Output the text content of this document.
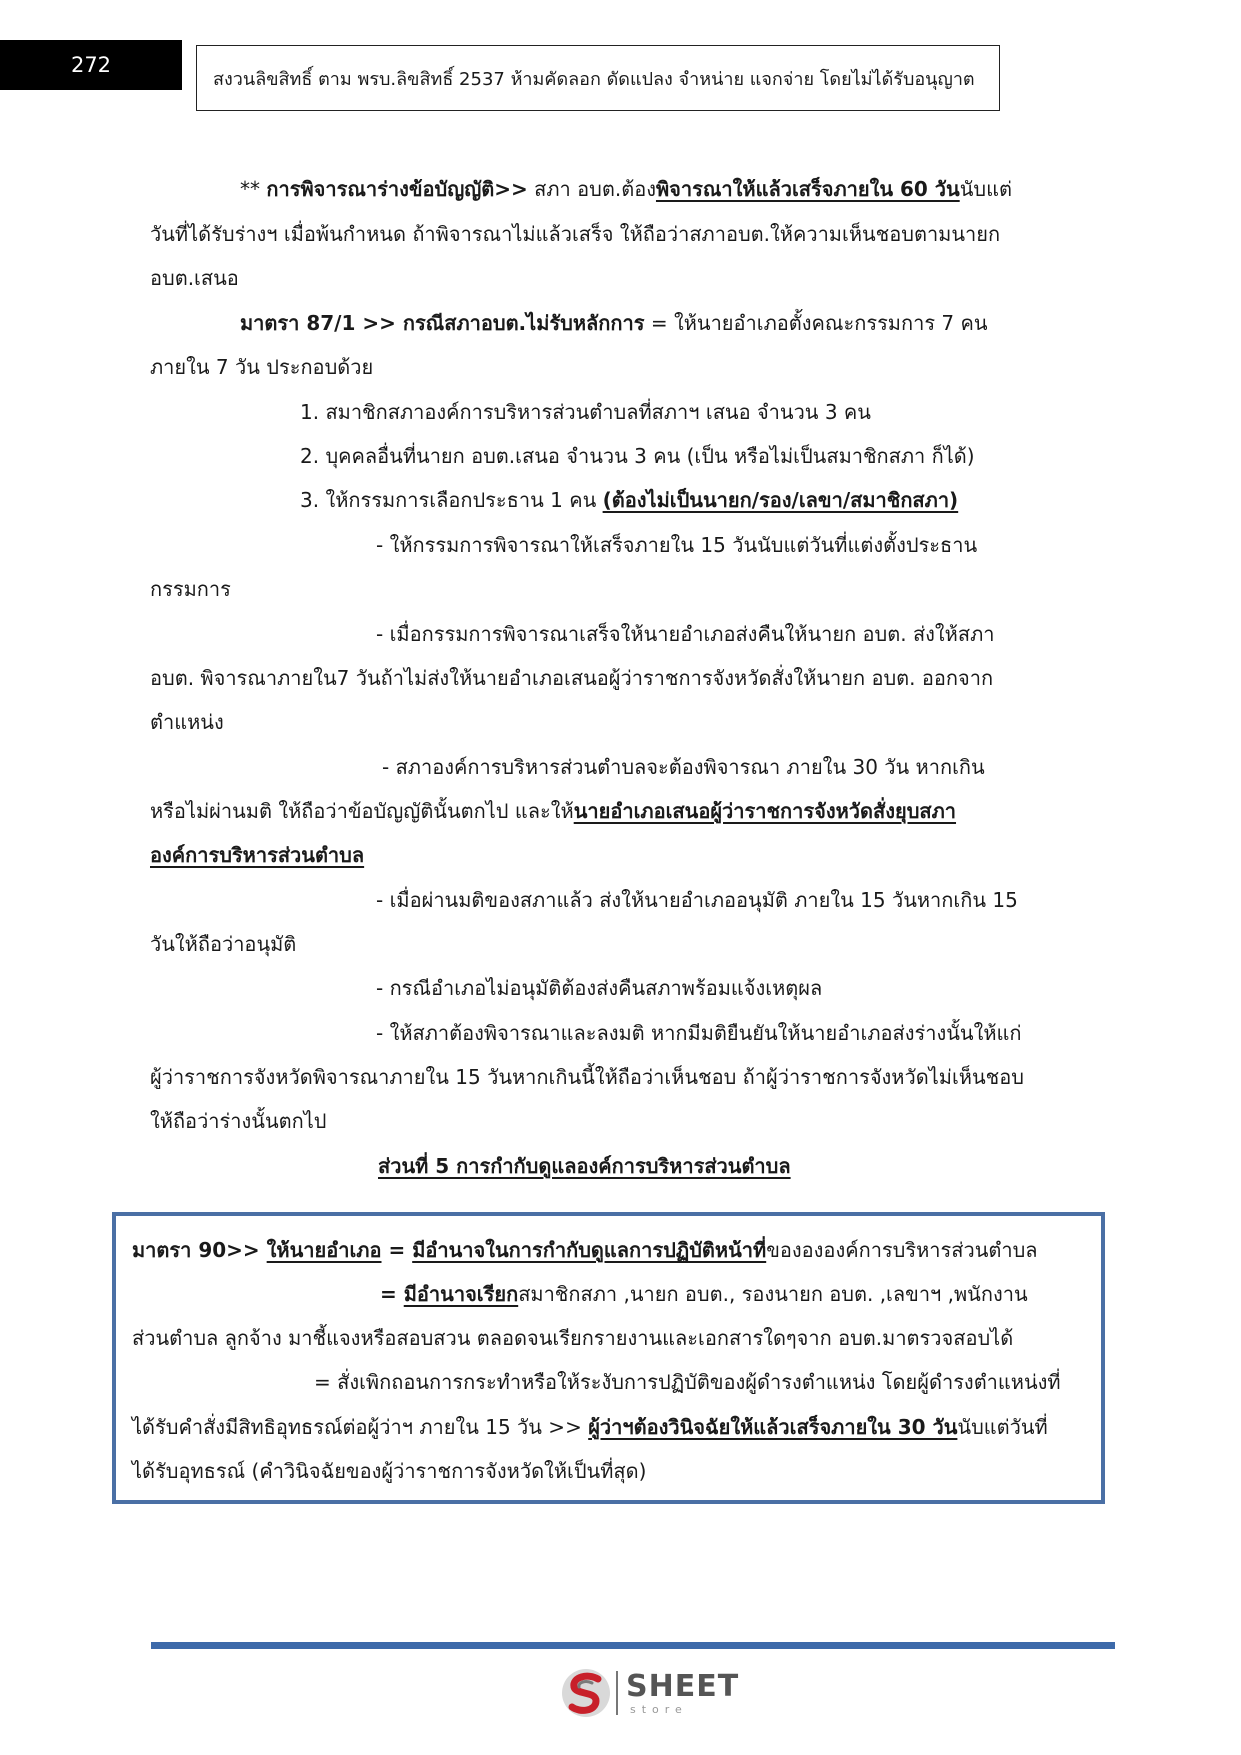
272
สงวนลิขสิทธิ์ ตาม พรบ.ลิขสิทธิ์ 2537 ห้ามคัดลอก ดัดแปลง จำหน่าย แจกจ่าย โดยไม่ได้รับอนุญาต
** การพิจารณาร่างข้อบัญญัติ>> สภา อบต.ต้องพิจารณาให้แล้วเสร็จภายใน 60 วันนับแต่
วันที่ได้รับร่างฯ เมื่อพ้นกำหนด ถ้าพิจารณาไม่แล้วเสร็จ ให้ถือว่าสภาอบต.ให้ความเห็นชอบตามนายก
อบต.เสนอ
มาตรา 87/1 >> กรณีสภาอบต.ไม่รับหลักการ = ให้นายอำเภอตั้งคณะกรรมการ 7 คน
ภายใน 7 วัน ประกอบด้วย
1. สมาชิกสภาองค์การบริหารส่วนตำบลที่สภาฯ เสนอ จำนวน 3 คน
2. บุคคลอื่นที่นายก อบต.เสนอ จำนวน 3 คน (เป็น หรือไม่เป็นสมาชิกสภา ก็ได้)
3. ให้กรรมการเลือกประธาน 1 คน (ต้องไม่เป็นนายก/รอง/เลขา/สมาชิกสภา)
- ให้กรรมการพิจารณาให้เสร็จภายใน 15 วันนับแต่วันที่แต่งตั้งประธาน
กรรมการ
- เมื่อกรรมการพิจารณาเสร็จให้นายอำเภอส่งคืนให้นายก อบต. ส่งให้สภา
อบต. พิจารณาภายใน7 วันถ้าไม่ส่งให้นายอำเภอเสนอผู้ว่าราชการจังหวัดสั่งให้นายก อบต. ออกจาก
ตำแหน่ง
- สภาองค์การบริหารส่วนตำบลจะต้องพิจารณา ภายใน 30 วัน หากเกิน
หรือไม่ผ่านมติ ให้ถือว่าข้อบัญญัตินั้นตกไป และให้นายอำเภอเสนอผู้ว่าราชการจังหวัดสั่งยุบสภา
องค์การบริหารส่วนตำบล
- เมื่อผ่านมติของสภาแล้ว ส่งให้นายอำเภออนุมัติ ภายใน 15 วันหากเกิน 15
วันให้ถือว่าอนุมัติ
- กรณีอำเภอไม่อนุมัติต้องส่งคืนสภาพร้อมแจ้งเหตุผล
- ให้สภาต้องพิจารณาและลงมติ หากมีมติยืนยันให้นายอำเภอส่งร่างนั้นให้แก่
ผู้ว่าราชการจังหวัดพิจารณาภายใน 15 วันหากเกินนี้ให้ถือว่าเห็นชอบ ถ้าผู้ว่าราชการจังหวัดไม่เห็นชอบ
ให้ถือว่าร่างนั้นตกไป
ส่วนที่ 5 การกำกับดูแลองค์การบริหารส่วนตำบล
มาตรา 90>> ให้นายอำเภอ = มีอำนาจในการกำกับดูแลการปฏิบัติหน้าที่ของององค์การบริหารส่วนตำบล
= มีอำนาจเรียกสมาชิกสภา ,นายก อบต., รองนายก อบต. ,เลขาฯ ,พนักงาน
ส่วนตำบล ลูกจ้าง มาชี้แจงหรือสอบสวน ตลอดจนเรียกรายงานและเอกสารใดๆจาก อบต.มาตรวจสอบได้
= สั่งเพิกถอนการกระทำหรือให้ระงับการปฏิบัติของผู้ดำรงตำแหน่ง โดยผู้ดำรงตำแหน่งที่
ได้รับคำสั่งมีสิทธิอุทธรณ์ต่อผู้ว่าฯ ภายใน 15 วัน >> ผู้ว่าฯต้องวินิจฉัยให้แล้วเสร็จภายใน 30 วันนับแต่วันที่
ได้รับอุทธรณ์ (คำวินิจฉัยของผู้ว่าราชการจังหวัดให้เป็นที่สุด)
SHEET
store
